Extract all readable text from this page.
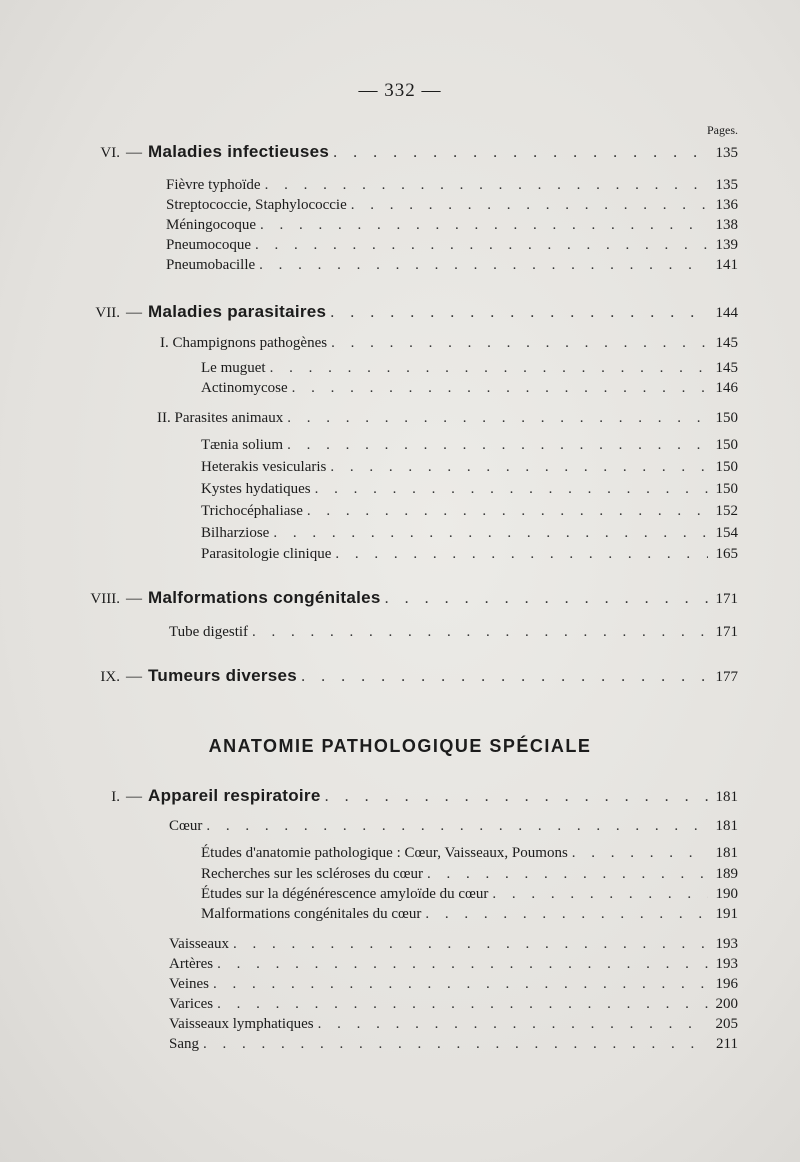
— 332 —
Pages.
VI. — Maladies infectieuses . . .	135
Fièvre typhoïde . . .	135
Streptococcie, Staphylococcie . . .	136
Méningocoque . . .	138
Pneumocoque . . .	139
Pneumobacille . . .	141
VII. — Maladies parasitaires . . .	144
I. Champignons pathogènes . . .	145
Le muguet . . .	145
Actinomycose . . .	146
II. Parasites animaux . . .	150
Tænia solium . . .	150
Heterakis vesicularis . . .	150
Kystes hydatiques . . .	150
Trichocéphaliase . . .	152
Bilharziose . . .	154
Parasitologie clinique . . .	165
VIII. — Malformations congénitales . . .	171
Tube digestif . . .	171
IX. — Tumeurs diverses . . .	177
ANATOMIE PATHOLOGIQUE SPÉCIALE
I. — Appareil respiratoire . . .	181
Cœur . . .	181
Études d'anatomie pathologique : Cœur, Vaisseaux, Poumons . . .	181
Recherches sur les scléroses du cœur . . .	189
Études sur la dégénérescence amyloïde du cœur . . .	190
Malformations congénitales du cœur . . .	191
Vaisseaux . . .	193
Artères . . .	193
Veines . . .	196
Varices . . .	200
Vaisseaux lymphatiques . . .	205
Sang . . .	211
